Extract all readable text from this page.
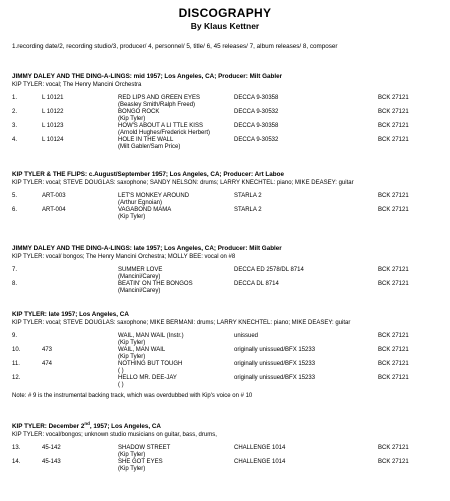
DISCOGRAPHY
By Klaus Kettner
1.recording date/2, recording studio/3, producer/ 4, personnel/ 5, title/ 6, 45 releases/ 7, album releases/ 8, composer
JIMMY DALEY AND THE DING-A-LINGS: mid 1957; Los Angeles, CA; Producer: Milt Gabler
KIP TYLER: vocal; The Henry Mancini Orchestra
1.	L 10121	RED LIPS AND GREEN EYES
(Beasley Smith/Ralph Freed)
DECCA 9-30358	BCK 27121
2.	L 10122	BONGO ROCK
(Kip Tyler)
DECCA 9-30532	BCK 27121
3.	L 10123	HOW'S ABOUT A LI TTLE KISS
(Arnold Hughes/Frederick Herbert)
DECCA 9-30358	BCK 27121
4.	L 10124	HOLE IN THE WALL
(Milt Gabler/Sam Price)
DECCA 9-30532	BCK 27121
KIP TYLER & THE FLIPS: c.August/September 1957; Los Angeles, CA; Producer: Art Laboe
KIP TYLER: vocal; STEVE DOUGLAS: saxophone; SANDY NELSON: drums; LARRY KNECHTEL: piano; MIKE DEASEY: guitar
5.	ART-003	LET'S MONKEY AROUND
(Arthur Egnoian)
STARLA 2	BCK 27121
6.	ART-004	VAGABOND MAMA
(Kip Tyler)
STARLA 2	BCK 27121
JIMMY DALEY AND THE DING-A-LINGS: late 1957; Los Angeles, CA; Producer: Milt Gabler
KIP TYLER: vocal/ bongos; The Henry Mancini Orchestra; MOLLY BEE: vocal on #8
7.	SUMMER LOVE
(Mancini/Carey)
DECCA ED 2578/DL 8714	BCK 27121
8.	BEATIN' ON THE BONGOS
(Mancini/Carey)
DECCA DL 8714	BCK 27121
KIP TYLER: late 1957; Los Angeles, CA
KIP TYLER: vocal; STEVE DOUGLAS: saxophone; MIKE BERMANI: drums; LARRY KNECHTEL: piano; MIKE DEASEY: guitar
9.	WAIL, MAN WAIL (Instr.)
(Kip Tyler)
unissued	BCK 27121
10.	473	WAIL, MAN WAIL
(Kip Tyler)
originally unissued/BFX 15233	BCK 27121
11.	474	NOTHING BUT TOUGH
( )
originally unissued/BFX 15233	BCK 27121
12.	HELLO MR. DEE-JAY
( )
originally unissued/BFX 15233	BCK 27121
Note: # 9 is the instrumental backing track, which was overdubbed with Kip's voice on # 10
KIP TYLER: December 2nd, 1957; Los Angeles, CA
KIP TYLER: vocal/bongos; unknown studio musicians on guitar, bass, drums,
13.	45-142	SHADOW STREET
(Kip Tyler)
CHALLENGE 1014	BCK 27121
14.	45-143	SHE GOT EYES
(Kip Tyler)
CHALLENGE 1014	BCK 27121
